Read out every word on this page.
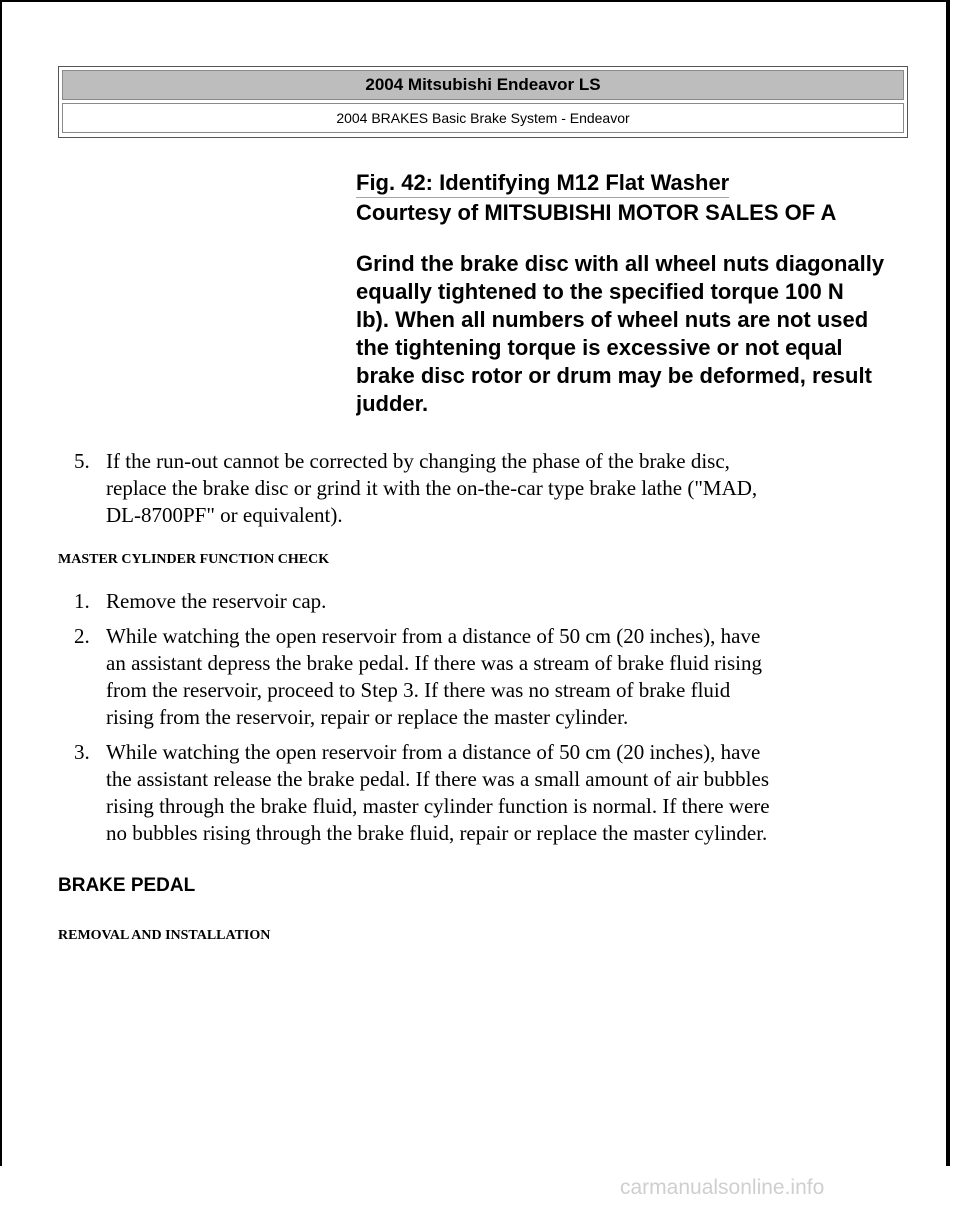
2004 Mitsubishi Endeavor LS
2004 BRAKES Basic Brake System - Endeavor
Fig. 42: Identifying M12 Flat Washer
Courtesy of MITSUBISHI MOTOR SALES OF A
Grind the brake disc with all wheel nuts diagonally
equally tightened to the specified torque 100 N
lb). When all numbers of wheel nuts are not used
the tightening torque is excessive or not equal
brake disc rotor or drum may be deformed, result
judder.
5. If the run-out cannot be corrected by changing the phase of the brake disc,
replace the brake disc or grind it with the on-the-car type brake lathe ("MAD,
DL-8700PF" or equivalent).
MASTER CYLINDER FUNCTION CHECK
1. Remove the reservoir cap.
2. While watching the open reservoir from a distance of 50 cm (20 inches), have
an assistant depress the brake pedal. If there was a stream of brake fluid rising
from the reservoir, proceed to Step 3. If there was no stream of brake fluid
rising from the reservoir, repair or replace the master cylinder.
3. While watching the open reservoir from a distance of 50 cm (20 inches), have
the assistant release the brake pedal. If there was a small amount of air bubbles
rising through the brake fluid, master cylinder function is normal. If there were
no bubbles rising through the brake fluid, repair or replace the master cylinder.
BRAKE PEDAL
REMOVAL AND INSTALLATION
carmanualsonline.info
